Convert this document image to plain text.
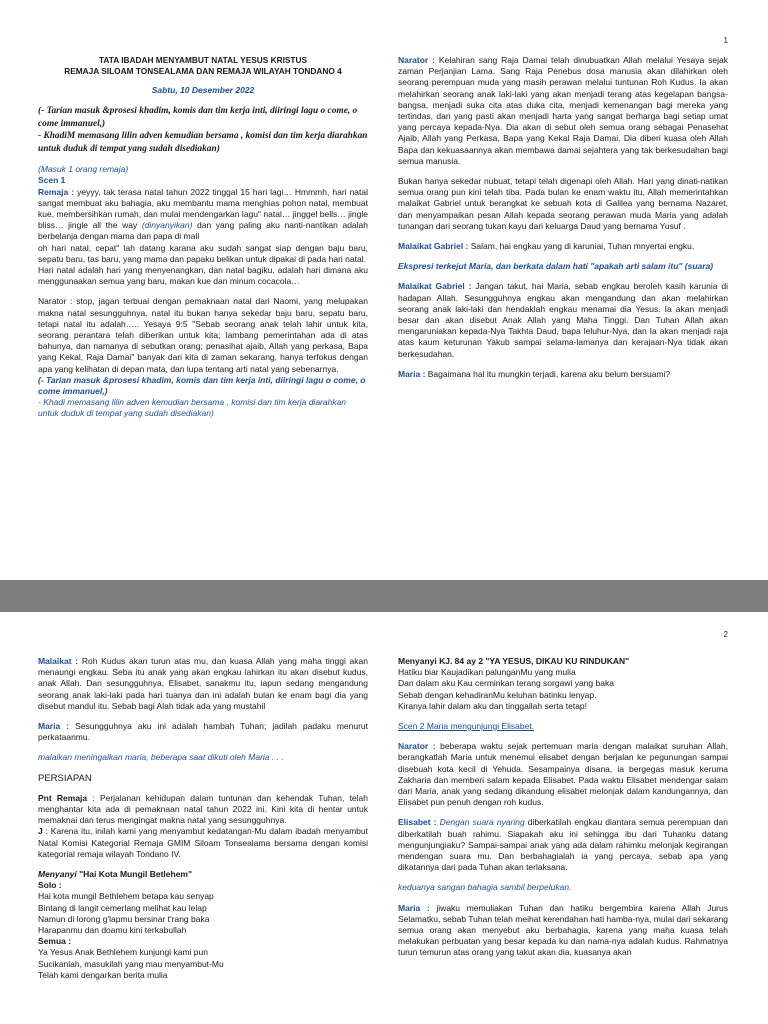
1

TATA IBADAH MENYAMBUT NATAL YESUS KRISTUS

REMAJA SILOAM TONSEALAMA DAN REMAJA WILAYAH TONDANO 4

Sabtu, 10 Desember 2022

(- Tarian masuk &prosesi khadim, komis dan tim kerja inti, diiringi lagu o come, o come immanuel,)

- KhadiM memasang lilin adven kemudian bersama , komisi dan tim kerja diarahkan untuk duduk di tempat yang sudah disediakan)

(Masuk 1 orang remaja)

Scen 1

Remaja : yeyyy, tak terasa natal tahun 2022 tinggal 15 hari lagi… Hmmmh, hari natal sangat membuat aku bahagia, aku membantu mama menghias pohon natal, membuat kue, membersihkan rumah, dan mulai mendengarkan lagu" natal… jinggel bells… jingle bliss… jingle all the way (dinyanyikan) dan yang paling aku nanti-nantikan adalah berbelanja dengan mama dan papa di mall

oh hari natal, cepat" lah datang karana aku sudah sangat siap dengan baju baru, sepatu baru, tas baru, yang mama dan papaku belikan untuk dipakai di pada hari natal.

Hari natal adalah hari yang menyenangkan, dan natal bagiku, adalah hari dimana aku menggunaakan semua yang baru, makan kue dan minum cocacola…

Narator : stop, jagan terbuai dengan pemaknaan natal dari Naomi, yang melupakan makna natal sesungguhnya. natal itu bukan hanya sekedar baju baru, sepatu baru, tetapi natal itu adalah….. Yesaya 9:5 "Sebab seorang anak telah lahir untuk kita, seorang perantara telah diberikan untuk kita; lambang pemerintahan ada di atas bahunya, dan namanya di sebutkan orang; penasihat ajaib, Allah yang perkasa, Bapa yang Kekal, Raja Damai" banyak dari kita di zaman sekarang, hanya terfokus dengan apa yang kelihatan di depan mata, dan lupa tentang arti natal yang sebenarnya.

(- Tarian masuk &prosesi khadim, komis dan tim kerja inti, diiringi lagu o come, o come immanuel,)

- Khadi memasang lilin adven kemudian bersama , komisi dan tim kerja diarahkan untuk duduk di tempat yang sudah disediakan)

Narator : Kelahiran sang Raja Damai telah dinubuatkan Allah melalui Yesaya sejak zaman Perjanjian Lama. Sang Raja Penebus dosa manusia akan dilahirkan oleh seorang perempuan muda yang masih perawan melalui tuntunan Roh Kudus. Ia akan melahirkan seorang anak laki-laki yang akan menjadi terang atas kegelapan bangsa-bangsa, menjadi suka cita atas duka cita, menjadi kemenangan bagi mereka yang tertindas, dan yang pasti akan menjadi harta yang sangat berharga bagi setiap umat yang percaya kepada-Nya. Dia akan di sebut oleh semua orang sebagai Penasehat Ajaib, Allah yang Perkasa, Bapa yang Kekal Raja Damai. Dia diberi kuasa oleh Allah Bapa dan kekuasaannya akan membawa damai sejahtera yang tak berkesudahan bagi semua manusia.

Bukan hanya sekedar nubuat, tetapi telah digenapi oleh Allah. Hari yang dinati-natikan semua orang pun kini telah tiba. Pada bulan ke enam waktu itu, Allah memerintahkan malaikat Gabriel untuk berangkat ke sebuah kota di Galilea yang bernama Nazaret, dan menyampaikan pesan Allah kepada seorang perawan muda Maria yang adalah tunangan dari seorang tukan kayu dari keluarga Daud yang bernama Yusuf .

Malaikat Gabriel : Salam, hai engkau yang di karuniai, Tuhan mnyertai engku.

Ekspresi terkejut Maria, dan berkata dalam hati "apakah arti salam itu" (suara)

Malaikat Gabriel : Jangan takut, hai Maria, sebab engkau beroleh kasih karunia di hadapan Allah. Sesungguhnya engkau akan mengandung dan akan melahirkan seorang anak laki-laki dan hendaklah engkau menamai dia Yesus. Ia akan menjadi besar dan akan disebut Anak Allah yang Maha Tinggi. Dan Tuhan Allah akan mengaruniakan kepada-Nya Takhta Daud, bapa leluhur-Nya, dan Ia akan menjadi raja atas kaum keturunan Yakub sampai selama-lamanya dan kerajaan-Nya tidak akan berkesudahan.

Maria : Bagaimana hal itu mungkin terjadi, karena aku belum bersuami?

2

Malaikat : Roh Kudus akan turun atas mu, dan kuasa Allah yang maha tinggi akan menaungi engkau. Seba itu anak yang akan engkau lahirkan itu akan disebut kudus, anak Allah. Dan sesungguhnya, Elisabet, sanakmu itu, iapun sedang mengandung seorang anak laki-laki pada hari tuanya dan ini adalah bulan ke enam bagi dia yang disebut mandul itu. Sebab bagi Alah tidak ada yang mustahil

Maria : Sesungguhnya aku ini adalah hambah Tuhan; jadilah padaku menurut perkataanmu.

malaikan meningalkan maria, beberapa saat dikuti oleh Maria . . .

PERSIAPAN

Pnt Remaja : Perjalanan kehidupan dalam tuntunan dan kehendak Tuhan, telah menghantar kita ada di pemaknaan natal tahun 2022 ini. Kini kita di hentar untuk memaknai dan terus mengingat makna natal yang sesungguhnya.

J : Karena itu, inilah kami yang menyambut kedatangan-Mu dalam ibadah menyambut Natal Komisi Kategorial Remaja GMIM Siloam Tonsealama bersama dengan komisi kategorial remaja wilayah Tondano IV.

Menyanyi "Hai Kota Mungil Betlehem"

Solo :

Hai kota mungil Bethlehem betapa kau senyap

Bintang di langit cemerlang melihat kau lelap

Namun di lorong g'lapmu bersinar t'rang baka

Harapanmu dan doamu kini terkabullah

Semua :

Ya Yesus Anak Bethlehem kunjungi kami pun

Sucikanlah, masukilah yang mau menyambut-Mu

Telah kami dengarkan berita mulia

Menyanyi KJ. 84 ay 2 "YA YESUS, DIKAU KU RINDUKAN"

Hatiku biar Kaujadikan palunganMu yang mulia

Dan dalam aku Kau cerminkan terang sorgawi yang baka

Sebab dengan kehadiranMu keluhan batinku lenyap.

Kiranya lahir dalam aku dan tinggallah serta tetap!

Scen 2 Maria mengunjungi Elisabet.

Narator : beberapa waktu sejak pertemuan maria dengan malaikat suruhan Allah, berangkatlah Maria untuk menemui elisabet dengan berjalan ke pegunungan sampai disebuah kota kecil di Yehuda. Sesampainya disana, ia bergegas masuk keruma Zakharia dan memberi salam kepada Elisabet. Pada waktu Elisabet mendengar salam dari Maria, anak yang sedang dikandung elisabet melonjak dalam kandungannya, dan Elisabet pun penuh dengan roh kudus.

Elisabet : Dengan suara nyaring diberkatilah engkau diantara semua perempuan dan diberkatilah buah rahimu. Siapakah aku ini sehingga ibu dari Tuhanku datang mengunjungiaku? Sampai-sampai anak yang ada dalam rahimku melonjak kegirangan mendengan suara mu. Dan berbahagialah ia yang percaya, sebab apa yang dikatannya dari pada Tuhan akan terlaksana.

keduanya sangan bahagia sambil berpelukan.

Maria : jiwaku memuliakan Tuhan dan hatiku bergembira karena Allah Jurus Selamatku, sebab Tuhan telah meihat kerendahan hati hamba-nya, mulai dari sekarang semua orang akan menyebut aku berbahagia, karena yang maha kuasa telah melakukan perbuatan yang besar kepada ku dan nama-nya adalah kudus. Rahmatnya turun temurun atas orang yang takut akan dia, kuasanya akan
